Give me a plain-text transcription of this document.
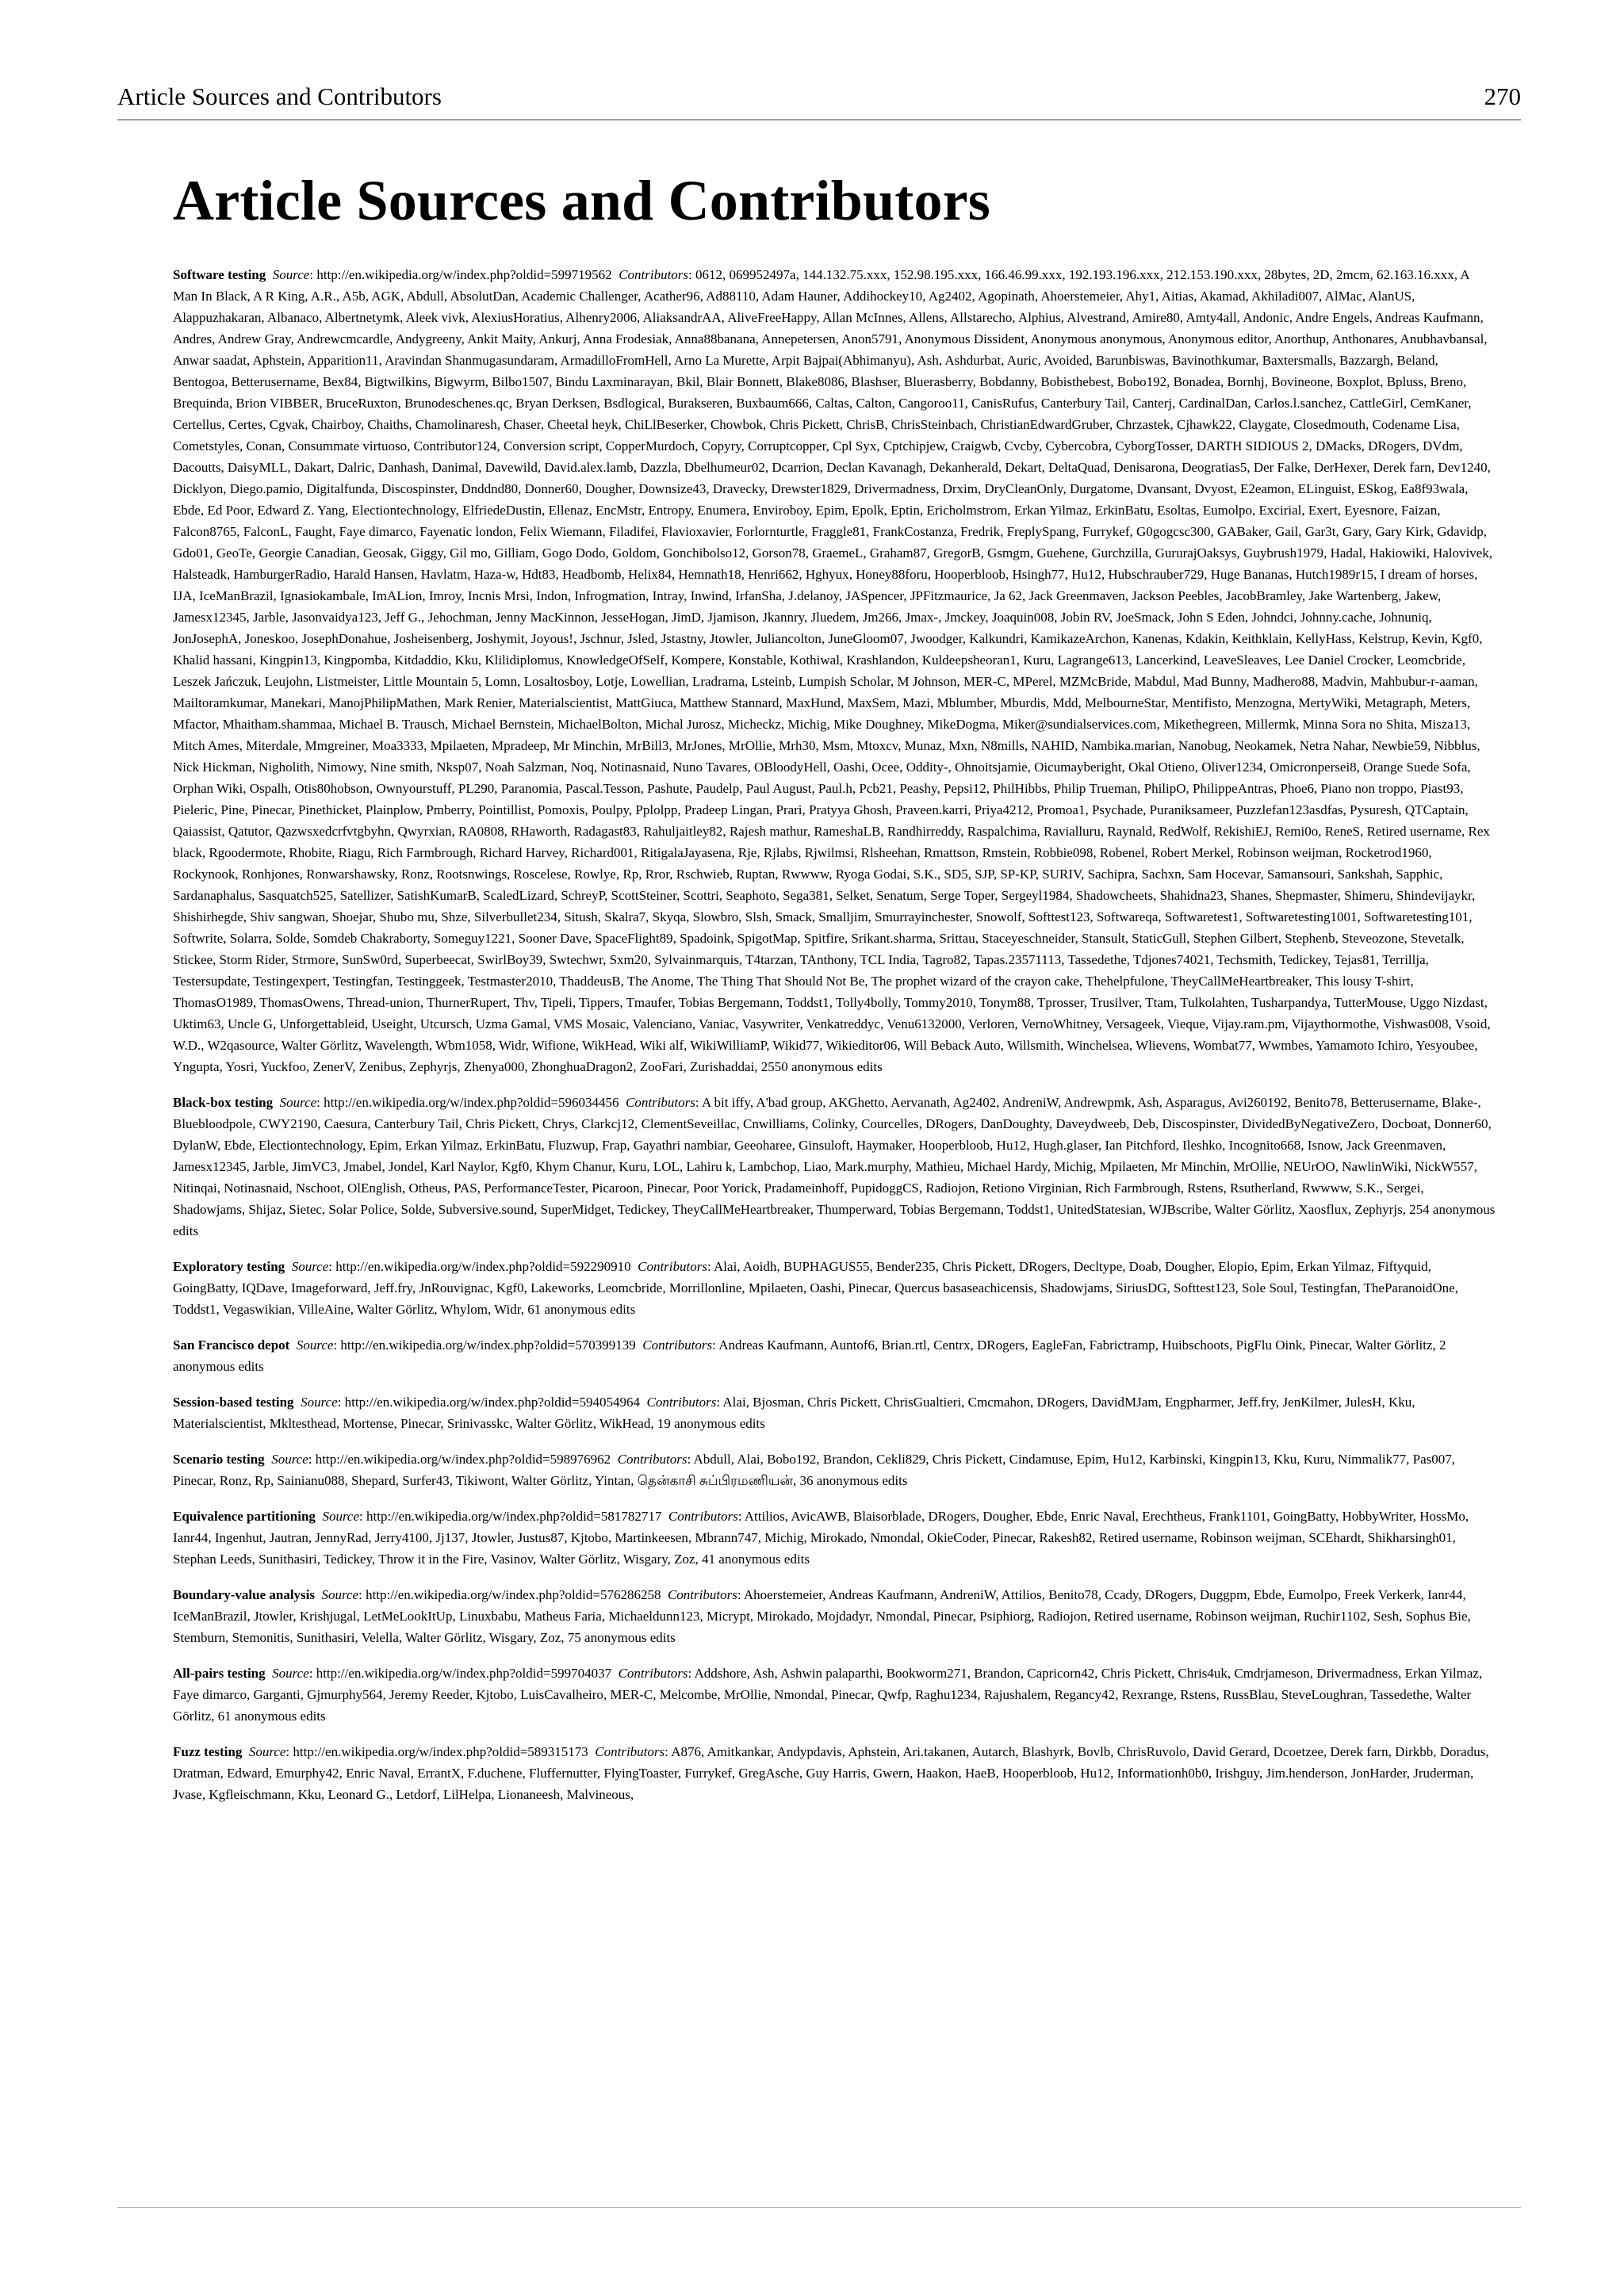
Article Sources and Contributors	270
Article Sources and Contributors

Software testing Source: http://en.wikipedia.org/w/index.php?oldid=599719562 Contributors: 0612, 069952497a, 144.132.75.xxx, 152.98.195.xxx, 166.46.99.xxx, 192.193.196.xxx, 212.153.190.xxx, 28bytes, 2D, 2mcm, 62.163.16.xxx, A Man In Black, A R King, A.R., A5b, AGK, Abdull, AbsolutDan, Academic Challenger, Acather96, Ad88110, Adam Hauner, Addihockey10, Ag2402, Agopinath, Ahoerstemeier, Ahy1, Aitias, Akamad, Akhiladi007, AlMac, AlanUS, Alappuzhakaran, Albanaco, Albertnetymk, Aleek vivk, AlexiusHoratius, Alhenry2006, AliaksandrAA, AliveFreeHappy, Allan McInnes, Allens, Allstarecho, Alphius, Alvestrand, Amire80, Amty4all, Andonic, Andre Engels, Andreas Kaufmann, Andres, Andrew Gray, Andrewcmcardle, Andygreeny, Ankit Maity, Ankurj, Anna Frodesiak, Anna88banana, Annepetersen, Anon5791, Anonymous Dissident, Anonymous anonymous, Anonymous editor, Anorthup, Anthonares, Anubhavbansal, Anwar saadat, Aphstein, Apparition11, Aravindan Shanmugasundaram, ArmadilloFromHell, Arno La Murette, Arpit Bajpai(Abhimanyu), Ash, Ashdurbat, Auric, Avoided, Barunbiswas, Bavinothkumar, Baxtersmalls, Bazzargh, Beland, Bentogoa, Betterusername, Bex84, Bigtwilkins, Bigwyrm, Bilbo1507, Bindu Laxminarayan, Bkil, Blair Bonnett, Blake8086, Blashser, Bluerasberry, Bobdanny, Bobisthebest, Bobo192, Bonadea, Bornhj, Bovineone, Boxplot, Bpluss, Breno, Brequinda, Brion VIBBER, BruceRuxton, Brunodeschenes.qc, Bryan Derksen, Bsdlogical, Burakseren, Buxbaum666, Caltas, Calton, Cangoroo11, CanisRufus, Canterbury Tail, Canterj, CardinalDan, Carlos.l.sanchez, CattleGirl, CemKaner, Certellus, Certes, Cgvak, Chairboy, Chaiths, Chamolinaresh, Chaser, Cheetal heyk, ChiLlBeserker, Chowbok, Chris Pickett, ChrisB, ChrisSteinbach, ChristianEdwardGruber, Chrzastek, Cjhawk22, Claygate, Closedmouth, Codename Lisa, Cometstyles, Conan, Consummate virtuoso, Contributor124, Conversion script, CopperMurdoch, Copyry, Corruptcopper, Cpl Syx, Cptchipjew, Craigwb, Cvcby, Cybercobra, CyborgTosser, DARTH SIDIOUS 2, DMacks, DRogers, DVdm, Dacoutts, DaisyMLL, Dakart, Dalric, Danhash, Danimal, Davewild, David.alex.lamb, Dazzla, Dbelhumeur02, Dcarrion, Declan Kavanagh, Dekanherald, Dekart, DeltaQuad, Denisarona, Deogratias5, Der Falke, DerHexer, Derek farn, Dev1240, Dicklyon, Diego.pamio, Digitalfunda, Discospinster, Dnddnd80, Donner60, Dougher, Downsize43, Dravecky, Drewster1829, Drivermadness, Drxim, DryCleanOnly, Durgatome, Dvansant, Dvyost, E2eamon, ELinguist, ESkog, Ea8f93wala, Ebde, Ed Poor, Edward Z. Yang, Electiontechnology, ElfriedeDustin, Ellenaz, EncMstr, Entropy, Enumera, Enviroboy, Epim, Epolk, Eptin, Ericholmstrom, Erkan Yilmaz, ErkinBatu, Esoltas, Eumolpo, Excirial, Exert, Eyesnore, Faizan, Falcon8765, FalconL, Faught, Faye dimarco, Fayenatic london, Felix Wiemann, Filadifei, Flavioxavier, Forlornturtle, Fraggle81, FrankCostanza, Fredrik, FreplySpang, Furrykef, G0gogcsc300, GABaker, Gail, Gar3t, Gary, Gary Kirk, Gdavidp, Gdo01, GeoTe, Georgie Canadian, Geosak, Giggy, Gil mo, Gilliam, Gogo Dodo, Goldom, Gonchibolso12, Gorson78, GraemeL, Graham87, GregorB, Gsmgm, Guehene, Gurchzilla, GururajOaksys, Guybrush1979, Hadal, Hakiowiki, Halovivek, Halsteadk, HamburgerRadio, Harald Hansen, Havlatm, Haza-w, Hdt83, Headbomb, Helix84, Hemnath18, Henri662, Hghyux, Honey88foru, Hooperbloob, Hsingh77, Hu12, Hubschrauber729, Huge Bananas, Hutch1989r15, I dream of horses, IJA, IceManBrazil, Ignasiokambale, ImALion, Imroy, Incnis Mrsi, Indon, Infrogmation, Intray, Inwind, IrfanSha, J.delanoy, JASpencer, JPFitzmaurice, Ja 62, Jack Greenmaven, Jackson Peebles, JacobBramley, Jake Wartenberg, Jakew, Jamesx12345, Jarble, Jasonvaidya123, Jeff G., Jehochman, Jenny MacKinnon, JesseHogan, JimD, Jjamison, Jkannry, Jluedem, Jm266, Jmax-, Jmckey, Joaquin008, Jobin RV, JoeSmack, John S Eden, Johndci, Johnny.cache, Johnuniq, JonJosephA, Joneskoo, JosephDonahue, Josheisenberg, Joshymit, Joyous!, Jschnur, Jsled, Jstastny, Jtowler, Juliancolton, JuneGloom07, Jwoodger, Kalkundri, KamikazeArchon, Kanenas, Kdakin, Keithklain, KellyHass, Kelstrup, Kevin, Kgf0, Khalid hassani, Kingpin13, Kingpomba, Kitdaddio, Kku, Klilidiplomus, KnowledgeOfSelf, Kompere, Konstable, Kothiwal, Krashlandon, Kuldeepsheoran1, Kuru, Lagrange613, Lancerkind, LeaveSleaves, Lee Daniel Crocker, Leomcbride, Leszek Jańczuk, Leujohn, Listmeister, Little Mountain 5, Lomn, Losaltosboy, Lotje, Lowellian, Lradrama, Lsteinb, Lumpish Scholar, M Johnson, MER-C, MPerel, MZMcBride, Mabdul, Mad Bunny, Madhero88, Madvin, Mahbubur-r-aaman, Mailtoramkumar, Manekari, ManojPhilipMathen, Mark Renier, Materialscientist, MattGiuca, Matthew Stannard, MaxHund, MaxSem, Mazi, Mblumber, Mburdis, Mdd, MelbourneStar, Mentifisto, Menzogna, MertyWiki, Metagraph, Meters, Mfactor, Mhaitham.shammaa, Michael B. Trausch, Michael Bernstein, MichaelBolton, Michal Jurosz, Micheckz, Michig, Mike Doughney, MikeDogma, Miker@sundialservices.com, Mikethegreen, Millermk, Minna Sora no Shita, Misza13, Mitch Ames, Miterdale, Mmgreiner, Moa3333, Mpilaeten, Mpradeep, Mr Minchin, MrBill3, MrJones, MrOllie, Mrh30, Msm, Mtoxcv, Munaz, Mxn, N8mills, NAHID, Nambika.marian, Nanobug, Neokamek, Netra Nahar, Newbie59, Nibblus, Nick Hickman, Nigholith, Nimowy, Nine smith, Nksp07, Noah Salzman, Noq, Notinasnaid, Nuno Tavares, OBloodyHell, Oashi, Ocee, Oddity-, Ohnoitsjamie, Oicumayberight, Okal Otieno, Oliver1234, Omicronpersei8, Orange Suede Sofa, Orphan Wiki, Ospalh, Otis80hobson, Ownyourstuff, PL290, Paranomia, Pascal.Tesson, Pashute, Paudelp, Paul August, Paul.h, Pcb21, Peashy, Pepsi12, PhilHibbs, Philip Trueman, PhilipO, PhilippeAntras, Phoe6, Piano non troppo, Piast93, Pieleric, Pine, Pinecar, Pinethicket, Plainplow, Pmberry, Pointillist, Pomoxis, Poulpy, Pplolpp, Pradeep Lingan, Prari, Pratyya Ghosh, Praveen.karri, Priya4212, Promoa1, Psychade, Puraniksameer, Puzzlefan123asdfas, Pysuresh, QTCaptain, Qaiassist, Qatutor, Qazwsxedcrfvtgbyhn, Qwyrxian, RA0808, RHaworth, Radagast83, Rahuljaitley82, Rajesh mathur, RameshaLB, Randhirreddy, Raspalchima, Ravialluru, Raynald, RedWolf, RekishiEJ, Remi0o, ReneS, Retired username, Rex black, Rgoodermote, Rhobite, Riagu, Rich Farmbrough, Richard Harvey, Richard001, RitigalaJayasena, Rje, Rjlabs, Rjwilmsi, Rlsheehan, Rmattson, Rmstein, Robbie098, Robenel, Robert Merkel, Robinson weijman, Rocketrod1960, Rockynook, Ronhjones, Ronwarshawsky, Ronz, Rootsnwings, Roscelese, Rowlye, Rp, Rror, Rschwieb, Ruptan, Rwwww, Ryoga Godai, S.K., SD5, SJP, SP-KP, SURIV, Sachipra, Sachxn, Sam Hocevar, Samansouri, Sankshah, Sapphic, Sardanaphalus, Sasquatch525, Satellizer, SatishKumarB, ScaledLizard, SchreyP, ScottSteiner, Scottri, Seaphoto, Sega381, Selket, Senatum, Serge Toper, Sergeyl1984, Shadowcheets, Shahidna23, Shanes, Shepmaster, Shimeru, Shindevijaykr, Shishirhegde, Shiv sangwan, Shoejar, Shubo mu, Shze, Silverbullet234, Sitush, Skalra7, Skyqa, Slowbro, Slsh, Smack, Smalljim, Smurrayinchester, Snowolf, Softtest123, Softwareqa, Softwaretest1, Softwaretesting1001, Softwaretesting101, Softwrite, Solarra, Solde, Somdeb Chakraborty, Someguy1221, Sooner Dave, SpaceFlight89, Spadoink, SpigotMap, Spitfire, Srikant.sharma, Srittau, Staceyeschneider, Stansult, StaticGull, Stephen Gilbert, Stephenb, Steveozone, Stevetalk, Stickee, Storm Rider, Strmore, SunSw0rd, Superbeecat, SwirlBoy39, Swtechwr, Sxm20, Sylvainmarquis, T4tarzan, TAnthony, TCL India, Tagro82, Tapas.23571113, Tassedethe, Tdjones74021, Techsmith, Tedickey, Tejas81, Terrillja, Testersupdate, Testingexpert, Testingfan, Testinggeek, Testmaster2010, ThaddeusB, The Anome, The Thing That Should Not Be, The prophet wizard of the crayon cake, Thehelpfulone, TheyCallMeHeartbreaker, This lousy T-shirt, ThomasO1989, ThomasOwens, Thread-union, ThurnerRupert, Thv, Tipeli, Tippers, Tmaufer, Tobias Bergemann, Toddst1, Tolly4bolly, Tommy2010, Tonym88, Tprosser, Trusilver, Ttam, Tulkolahten, Tusharpandya, TutterMouse, Uggo Nizdast, Uktim63, Uncle G, Unforgettableid, Useight, Utcursch, Uzma Gamal, VMS Mosaic, Valenciano, Vaniac, Vasywriter, Venkatreddyc, Venu6132000, Verloren, VernoWhitney, Versageek, Vieque, Vijay.ram.pm, Vijaythormothe, Vishwas008, Vsoid, W.D., W2qasource, Walter Görlitz, Wavelength, Wbm1058, Widr, Wifione, WikHead, Wiki alf, WikiWilliamP, Wikid77, Wikieditor06, Will Beback Auto, Willsmith, Winchelsea, Wlievens, Wombat77, Wwmbes, Yamamoto Ichiro, Yesyoubee, Yngupta, Yosri, Yuckfoo, ZenerV, Zenibus, Zephyrjs, Zhenya000, ZhonghuaDragon2, ZooFari, Zurishaddai, 2550 anonymous edits

Black-box testing Source: http://en.wikipedia.org/w/index.php?oldid=596034456 Contributors: A bit iffy, A'bad group, AKGhetto, Aervanath, Ag2402, AndreniW, Andrewpmk, Ash, Asparagus, Avi260192, Benito78, Betterusername, Blake-, Bluebloodpole, CWY2190, Caesura, Canterbury Tail, Chris Pickett, Chrys, Clarkcj12, ClementSeveillac, Cnwilliams, Colinky, Courcelles, DRogers, DanDoughty, Daveydweeb, Deb, Discospinster, DividedByNegativeZero, Docboat, Donner60, DylanW, Ebde, Electiontechnology, Epim, Erkan Yilmaz, ErkinBatu, Fluzwup, Frap, Gayathri nambiar, Geeoharee, Ginsuloft, Haymaker, Hooperbloob, Hu12, Hugh.glaser, Ian Pitchford, Ileshko, Incognito668, Isnow, Jack Greenmaven, Jamesx12345, Jarble, JimVC3, Jmabel, Jondel, Karl Naylor, Kgf0, Khym Chanur, Kuru, LOL, Lahiru k, Lambchop, Liao, Mark.murphy, Mathieu, Michael Hardy, Michig, Mpilaeten, Mr Minchin, MrOllie, NEUrOO, NawlinWiki, NickW557, Nitinqai, Notinasnaid, Nschoot, OlEnglish, Otheus, PAS, PerformanceTester, Picaroon, Pinecar, Poor Yorick, Pradameinhoff, PupidoggCS, Radiojon, Retiono Virginian, Rich Farmbrough, Rstens, Rsutherland, Rwwww, S.K., Sergei, Shadowjams, Shijaz, Sietec, Solar Police, Solde, Subversive.sound, SuperMidget, Tedickey, TheyCallMeHeartbreaker, Thumperward, Tobias Bergemann, Toddst1, UnitedStatesian, WJBscribe, Walter Görlitz, Xaosflux, Zephyrjs, 254 anonymous edits

Exploratory testing Source: http://en.wikipedia.org/w/index.php?oldid=592290910 Contributors: Alai, Aoidh, BUPHAGUS55, Bender235, Chris Pickett, DRogers, Decltype, Doab, Dougher, Elopio, Epim, Erkan Yilmaz, Fiftyquid, GoingBatty, IQDave, Imageforward, Jeff.fry, JnRouvignac, Kgf0, Lakeworks, Leomcbride, Morrillonline, Mpilaeten, Oashi, Pinecar, Quercus basaseachicensis, Shadowjams, SiriusDG, Softtest123, Sole Soul, Testingfan, TheParanoidOne, Toddst1, Vegaswikian, VilleAine, Walter Görlitz, Whylom, Widr, 61 anonymous edits

San Francisco depot Source: http://en.wikipedia.org/w/index.php?oldid=570399139 Contributors: Andreas Kaufmann, Auntof6, Brian.rtl, Centrx, DRogers, EagleFan, Fabrictramp, Huibschoots, PigFlu Oink, Pinecar, Walter Görlitz, 2 anonymous edits

Session-based testing Source: http://en.wikipedia.org/w/index.php?oldid=594054964 Contributors: Alai, Bjosman, Chris Pickett, ChrisGualtieri, Cmcmahon, DRogers, DavidMJam, Engpharmer, Jeff.fry, JenKilmer, JulesH, Kku, Materialscientist, Mkltesthead, Mortense, Pinecar, Srinivasskc, Walter Görlitz, WikHead, 19 anonymous edits

Scenario testing Source: http://en.wikipedia.org/w/index.php?oldid=598976962 Contributors: Abdull, Alai, Bobo192, Brandon, Cekli829, Chris Pickett, Cindamuse, Epim, Hu12, Karbinski, Kingpin13, Kku, Kuru, Nimmalik77, Pas007, Pinecar, Ronz, Rp, Sainianu088, Shepard, Surfer43, Tikiwont, Walter Görlitz, Yintan, தென்காசி சுப்பிரமணியன், 36 anonymous edits

Equivalence partitioning Source: http://en.wikipedia.org/w/index.php?oldid=581782717 Contributors: Attilios, AvicAWB, Blaisorblade, DRogers, Dougher, Ebde, Enric Naval, Erechtheus, Frank1101, GoingBatty, HobbyWriter, HossMo, Ianr44, Ingenhut, Jautran, JennyRad, Jerry4100, Jj137, Jtowler, Justus87, Kjtobo, Martinkeesen, Mbrann747, Michig, Mirokado, Nmondal, OkieCoder, Pinecar, Rakesh82, Retired username, Robinson weijman, SCEhardt, Shikharsingh01, Stephan Leeds, Sunithasiri, Tedickey, Throw it in the Fire, Vasinov, Walter Görlitz, Wisgary, Zoz, 41 anonymous edits

Boundary-value analysis Source: http://en.wikipedia.org/w/index.php?oldid=576286258 Contributors: Ahoerstemeier, Andreas Kaufmann, AndreniW, Attilios, Benito78, Ccady, DRogers, Duggpm, Ebde, Eumolpo, Freek Verkerk, Ianr44, IceManBrazil, Jtowler, Krishjugal, LetMeLookItUp, Linuxbabu, Matheus Faria, Michaeldunn123, Micrypt, Mirokado, Mojdadyr, Nmondal, Pinecar, Psiphiorg, Radiojon, Retired username, Robinson weijman, Ruchir1102, Sesh, Sophus Bie, Stemburn, Stemonitis, Sunithasiri, Velella, Walter Görlitz, Wisgary, Zoz, 75 anonymous edits

All-pairs testing Source: http://en.wikipedia.org/w/index.php?oldid=599704037 Contributors: Addshore, Ash, Ashwin palaparthi, Bookworm271, Brandon, Capricorn42, Chris Pickett, Chris4uk, Cmdrjameson, Drivermadness, Erkan Yilmaz, Faye dimarco, Garganti, Gjmurphy564, Jeremy Reeder, Kjtobo, LuisCavalheiro, MER-C, Melcombe, MrOllie, Nmondal, Pinecar, Qwfp, Raghu1234, Rajushalem, Regancy42, Rexrange, Rstens, RussBlau, SteveLoughran, Tassedethe, Walter Görlitz, 61 anonymous edits

Fuzz testing Source: http://en.wikipedia.org/w/index.php?oldid=589315173 Contributors: A876, Amitkankar, Andypdavis, Aphstein, Ari.takanen, Autarch, Blashyrk, Bovlb, ChrisRuvolo, David Gerard, Dcoetzee, Derek farn, Dirkbb, Doradus, Dratman, Edward, Emurphy42, Enric Naval, ErrantX, F.duchene, Fluffernutter, FlyingToaster, Furrykef, GregAsche, Guy Harris, Gwern, Haakon, HaeB, Hooperbloob, Hu12, Informationh0b0, Irishguy, Jim.henderson, JonHarder, Jruderman, Jvase, Kgfleischmann, Kku, Leonard G., Letdorf, LilHelpa, Lionaneesh, Malvineous,
